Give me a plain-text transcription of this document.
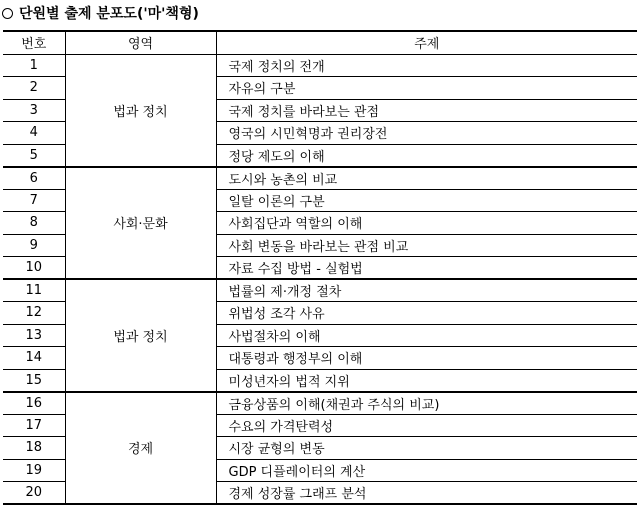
단원별 출제 분포도('마'책형)
번호	영역	주제
1	법과 정치	국제 정치의 전개
2		자유의 구분
3		국제 정치를 바라보는 관점
4		영국의 시민혁명과 권리장전
5		정당 제도의 이해
6	사회·문화	도시와 농촌의 비교
7		일탈 이론의 구분
8		사회집단과 역할의 이해
9		사회 변동을 바라보는 관점 비교
10		자료 수집 방법 - 실험법
11	법과 정치	법률의 제·개정 절차
12		위법성 조각 사유
13		사법절차의 이해
14		대통령과 행정부의 이해
15		미성년자의 법적 지위
16	경제	금융상품의 이해(채권과 주식의 비교)
17		수요의 가격탄력성
18		시장 균형의 변동
19		GDP 디플레이터의 계산
20		경제 성장률 그래프 분석
